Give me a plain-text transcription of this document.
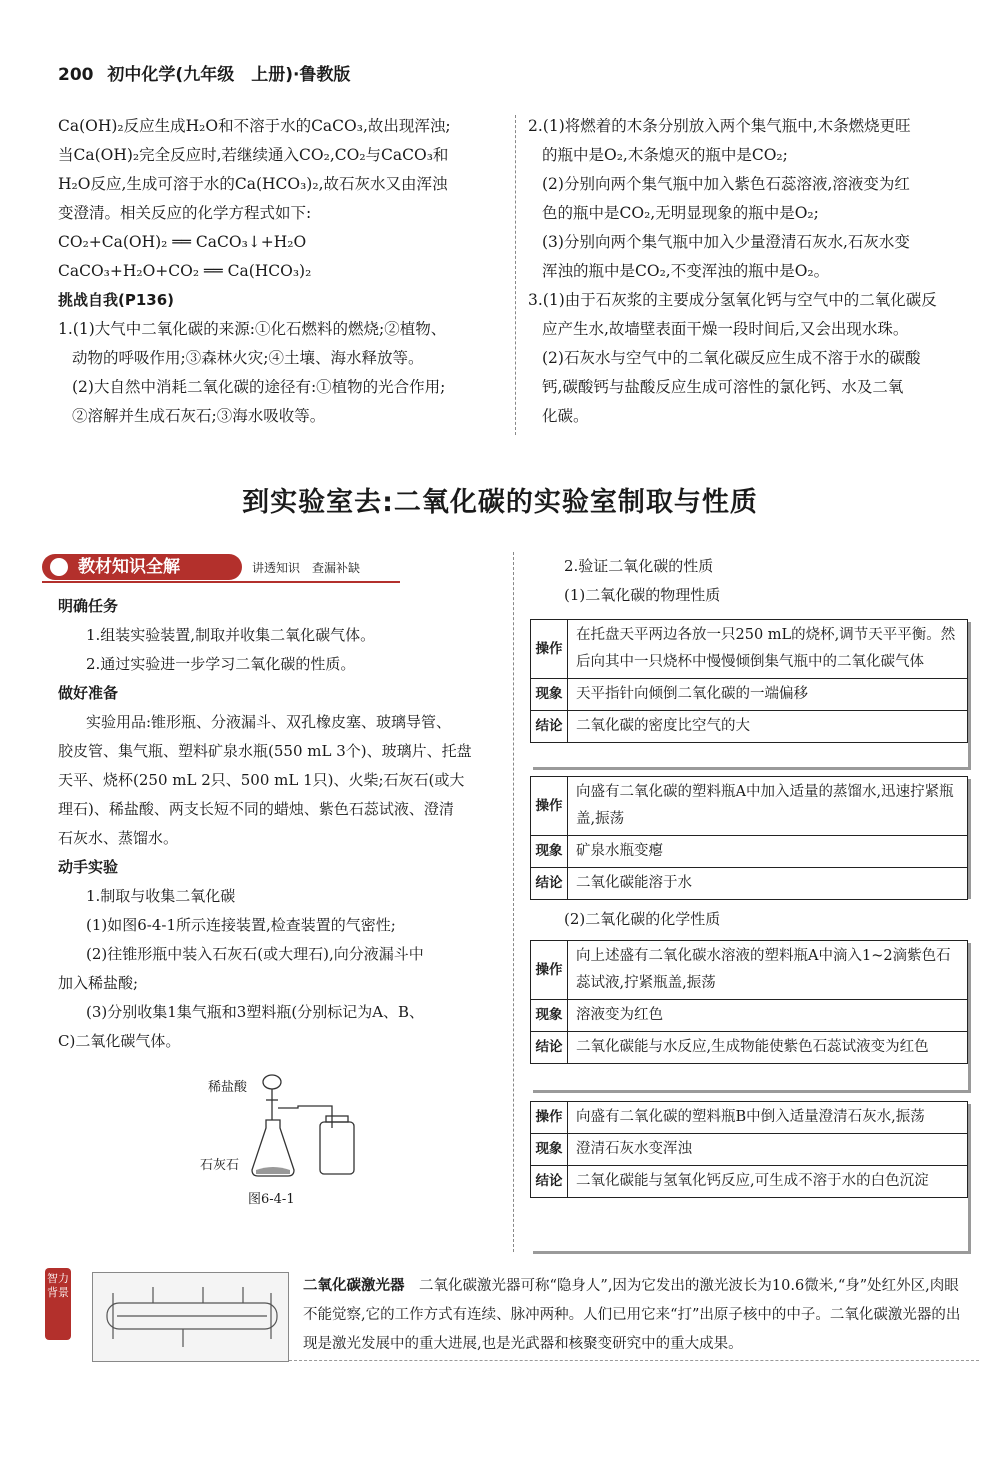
200 初中化学(九年级　上册)·鲁教版

Ca(OH)₂反应生成H₂O和不溶于水的CaCO₃,故出现浑浊;

当Ca(OH)₂完全反应时,若继续通入CO₂,CO₂与CaCO₃和

H₂O反应,生成可溶于水的Ca(HCO₃)₂,故石灰水又由浑浊

变澄清。相关反应的化学方程式如下:

CO₂+Ca(OH)₂ ══ CaCO₃↓+H₂O

CaCO₃+H₂O+CO₂ ══ Ca(HCO₃)₂

挑战自我(P136)

1.(1)大气中二氧化碳的来源:①化石燃料的燃烧;②植物、

动物的呼吸作用;③森林火灾;④土壤、海水释放等。

(2)大自然中消耗二氧化碳的途径有:①植物的光合作用;

②溶解并生成石灰石;③海水吸收等。

2.(1)将燃着的木条分别放入两个集气瓶中,木条燃烧更旺

的瓶中是O₂,木条熄灭的瓶中是CO₂;

(2)分别向两个集气瓶中加入紫色石蕊溶液,溶液变为红

色的瓶中是CO₂,无明显现象的瓶中是O₂;

(3)分别向两个集气瓶中加入少量澄清石灰水,石灰水变

浑浊的瓶中是CO₂,不变浑浊的瓶中是O₂。

3.(1)由于石灰浆的主要成分氢氧化钙与空气中的二氧化碳反

应产生水,故墙壁表面干燥一段时间后,又会出现水珠。

(2)石灰水与空气中的二氧化碳反应生成不溶于水的碳酸

钙,碳酸钙与盐酸反应生成可溶性的氯化钙、水及二氧

化碳。

到实验室去:二氧化碳的实验室制取与性质
教材知识全解	讲透知识　查漏补缺

明确任务

1.组装实验装置,制取并收集二氧化碳气体。

2.通过实验进一步学习二氧化碳的性质。

做好准备

实验用品:锥形瓶、分液漏斗、双孔橡皮塞、玻璃导管、

胶皮管、集气瓶、塑料矿泉水瓶(550 mL 3个)、玻璃片、托盘

天平、烧杯(250 mL 2只、500 mL 1只)、火柴;石灰石(或大

理石)、稀盐酸、两支长短不同的蜡烛、紫色石蕊试液、澄清

石灰水、蒸馏水。

动手实验

1.制取与收集二氧化碳

(1)如图6-4-1所示连接装置,检查装置的气密性;

(2)往锥形瓶中装入石灰石(或大理石),向分液漏斗中

加入稀盐酸;

(3)分别收集1集气瓶和3塑料瓶(分别标记为A、B、

C)二氧化碳气体。

稀盐酸
石灰石
图6-4-1

2.验证二氧化碳的性质

(1)二氧化碳的物理性质

操作	在托盘天平两边各放一只250 mL的烧杯,调节天平平衡。然后向其中一只烧杯中慢慢倾倒集气瓶中的二氧化碳气体
现象	天平指针向倾倒二氧化碳的一端偏移
结论	二氧化碳的密度比空气的大
操作	向盛有二氧化碳的塑料瓶A中加入适量的蒸馏水,迅速拧紧瓶盖,振荡
现象	矿泉水瓶变瘪
结论	二氧化碳能溶于水

(2)二氧化碳的化学性质

操作	向上述盛有二氧化碳水溶液的塑料瓶A中滴入1~2滴紫色石蕊试液,拧紧瓶盖,振荡
现象	溶液变为红色
结论	二氧化碳能与水反应,生成物能使紫色石蕊试液变为红色
操作	向盛有二氧化碳的塑料瓶B中倒入适量澄清石灰水,振荡
现象	澄清石灰水变浑浊
结论	二氧化碳能与氢氧化钙反应,可生成不溶于水的白色沉淀
智力背景	二氧化碳激光器　二氧化碳激光器可称“隐身人”,因为它发出的激光波长为10.6微米,“身”处红外区,肉眼不能觉察,它的工作方式有连续、脉冲两种。人们已用它来“打”出原子核中的中子。二氧化碳激光器的出现是激光发展中的重大进展,也是光武器和核聚变研究中的重大成果。
